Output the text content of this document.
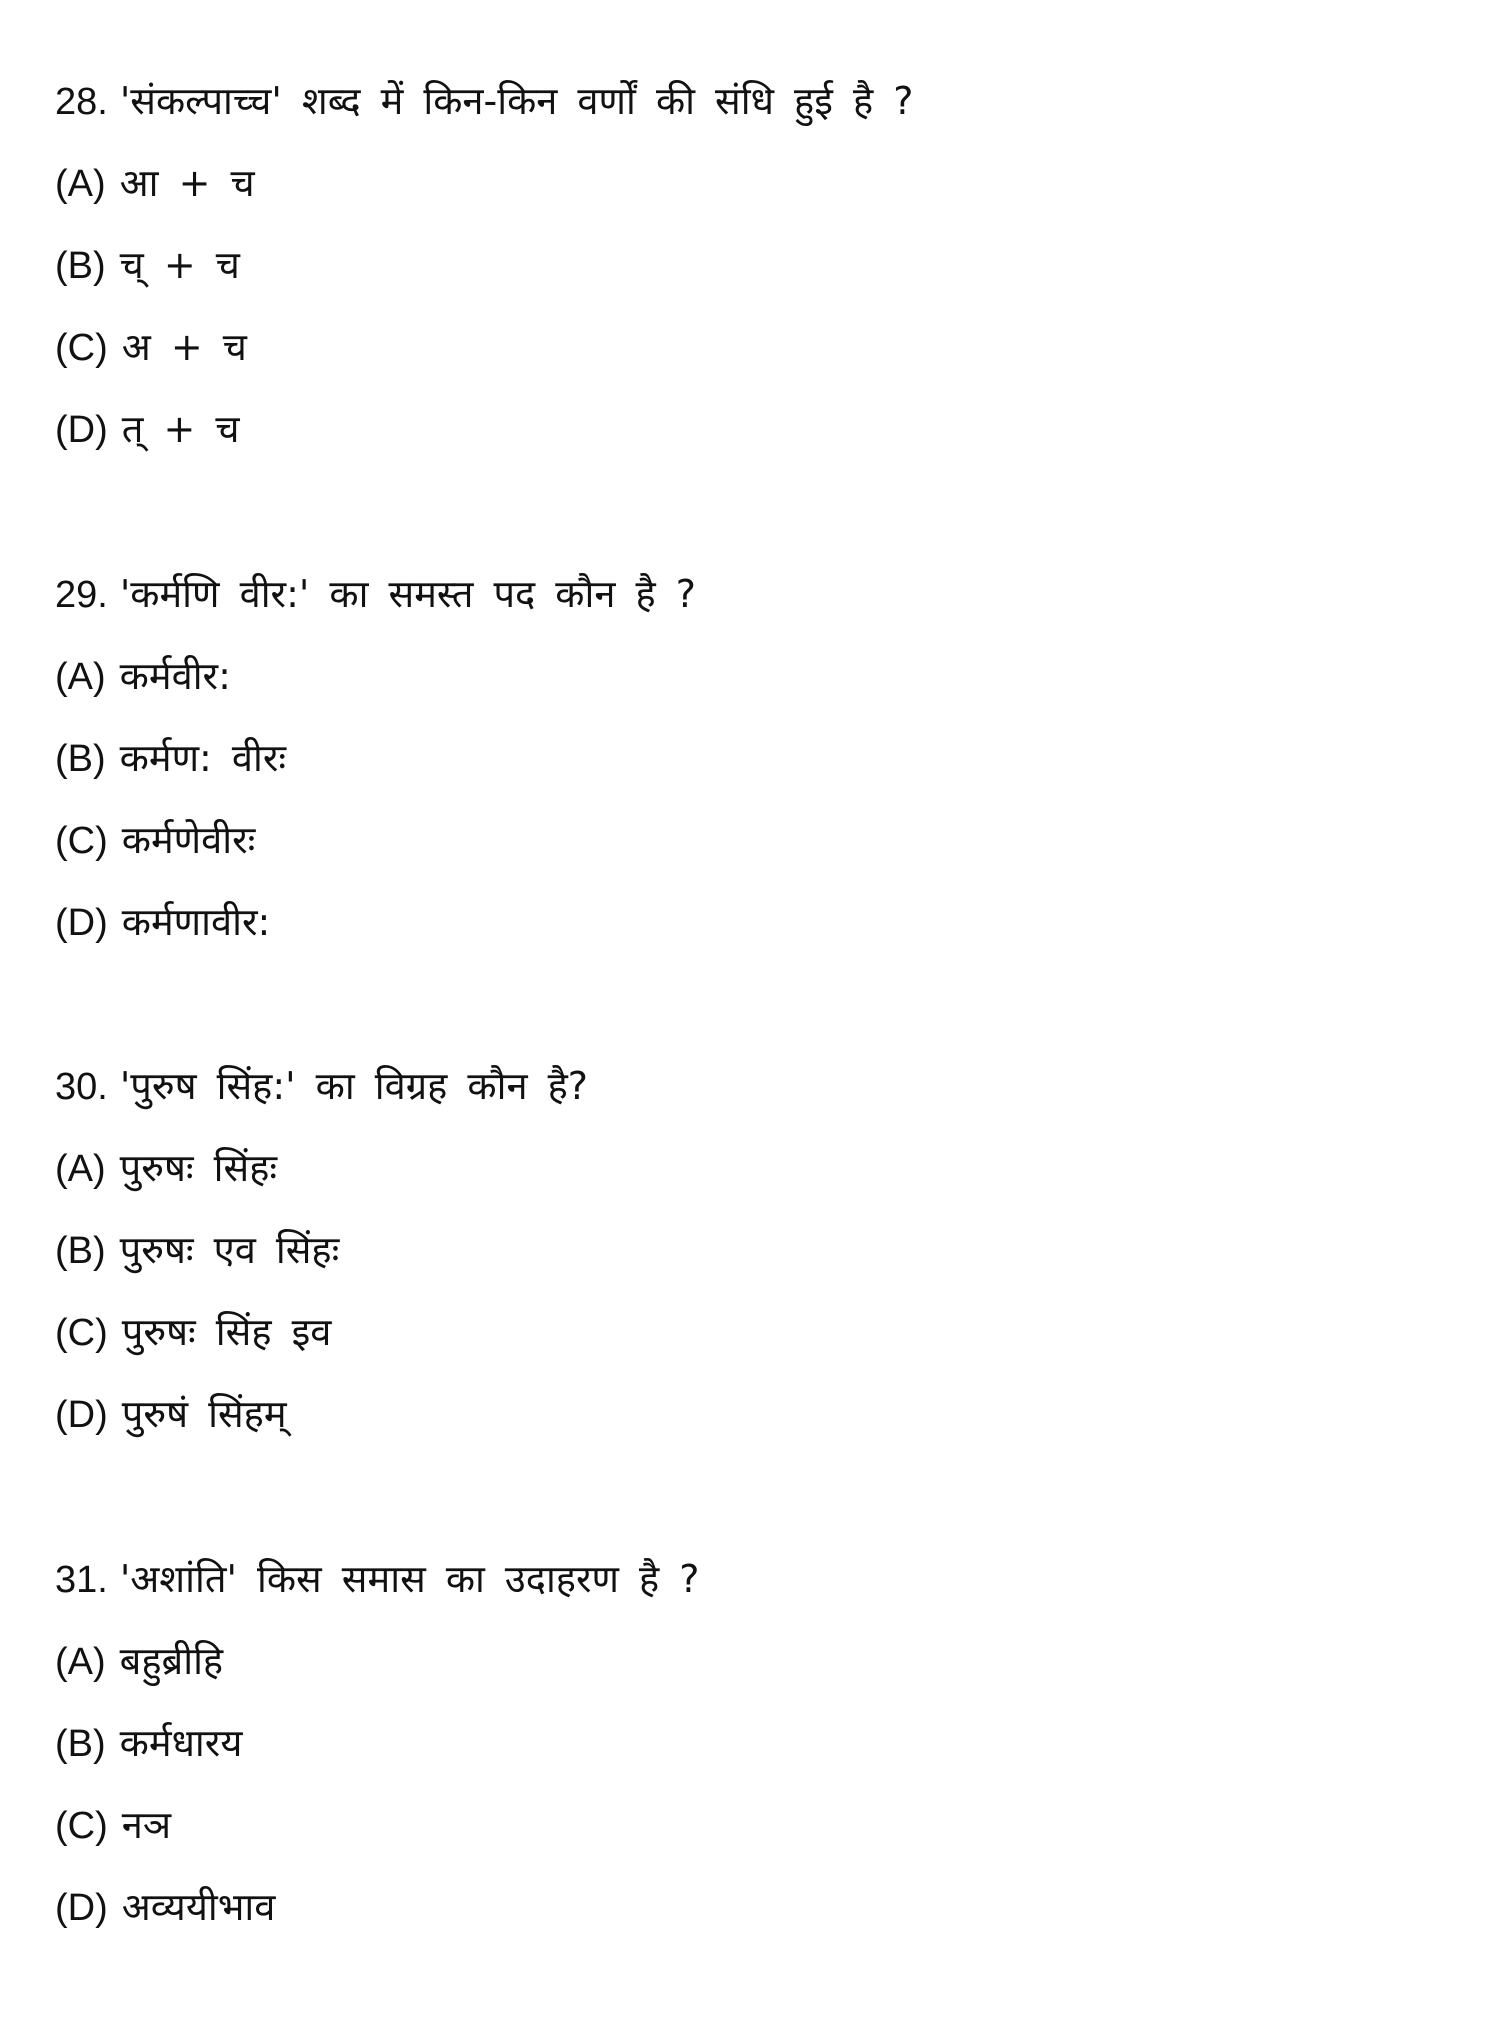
28. 'संकल्पाच्च' शब्द में किन-किन वर्णों की संधि हुई है ?
(A) आ + च
(B) च् + च
(C) अ + च
(D) त् + च
29. 'कर्मणि वीर:' का समस्त पद कौन है ?
(A) कर्मवीर:
(B) कर्मण: वीरः
(C) कर्मणेवीरः
(D) कर्मणावीर:
30. 'पुरुष सिंह:' का विग्रह कौन है?
(A) पुरुषः सिंहः
(B) पुरुषः एव सिंहः
(C) पुरुषः सिंह इव
(D) पुरुषं सिंहम्
31. 'अशांति' किस समास का उदाहरण है ?
(A) बहुब्रीहि
(B) कर्मधारय
(C) नञ
(D) अव्ययीभाव
